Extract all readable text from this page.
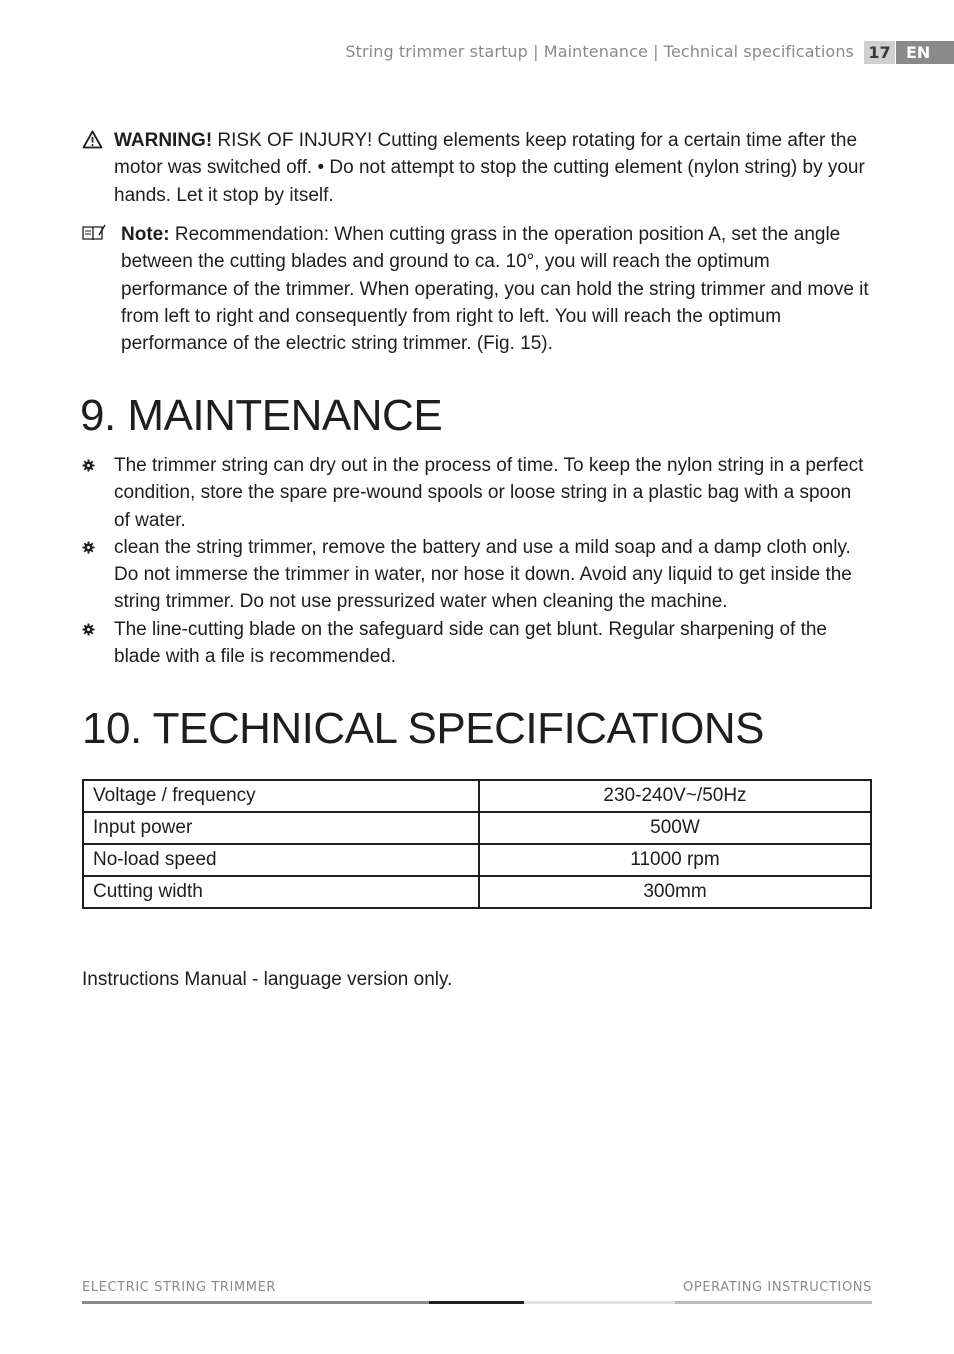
String trimmer startup | Maintenance | Technical specifications 17 EN
WARNING! RISK OF INJURY! Cutting elements keep rotating for a certain time after the motor was switched off. • Do not attempt to stop the cutting element (nylon string) by your hands. Let it stop by itself.
Note: Recommendation: When cutting grass in the operation position A, set the angle between the cutting blades and ground to ca. 10°, you will reach the optimum performance of the trimmer. When operating, you can hold the string trimmer and move it from left to right and consequently from right to left. You will reach the optimum performance of the electric string trimmer. (Fig. 15).
9. MAINTENANCE
The trimmer string can dry out in the process of time. To keep the nylon string in a perfect condition, store the spare pre-wound spools or loose string in a plastic bag with a spoon of water.
clean the string trimmer, remove the battery and use a mild soap and a damp cloth only. Do not immerse the trimmer in water, nor hose it down. Avoid any liquid to get inside the string trimmer. Do not use pressurized water when cleaning the machine.
The line-cutting blade on the safeguard side can get blunt. Regular sharpening of the blade with a file is recommended.
10. TECHNICAL SPECIFICATIONS
Voltage / frequency	230-240V~/50Hz
Input power	500W
No-load speed	11000 rpm
Cutting width	300mm
Instructions Manual - language version only.
ELECTRIC STRING TRIMMER	OPERATING INSTRUCTIONS
